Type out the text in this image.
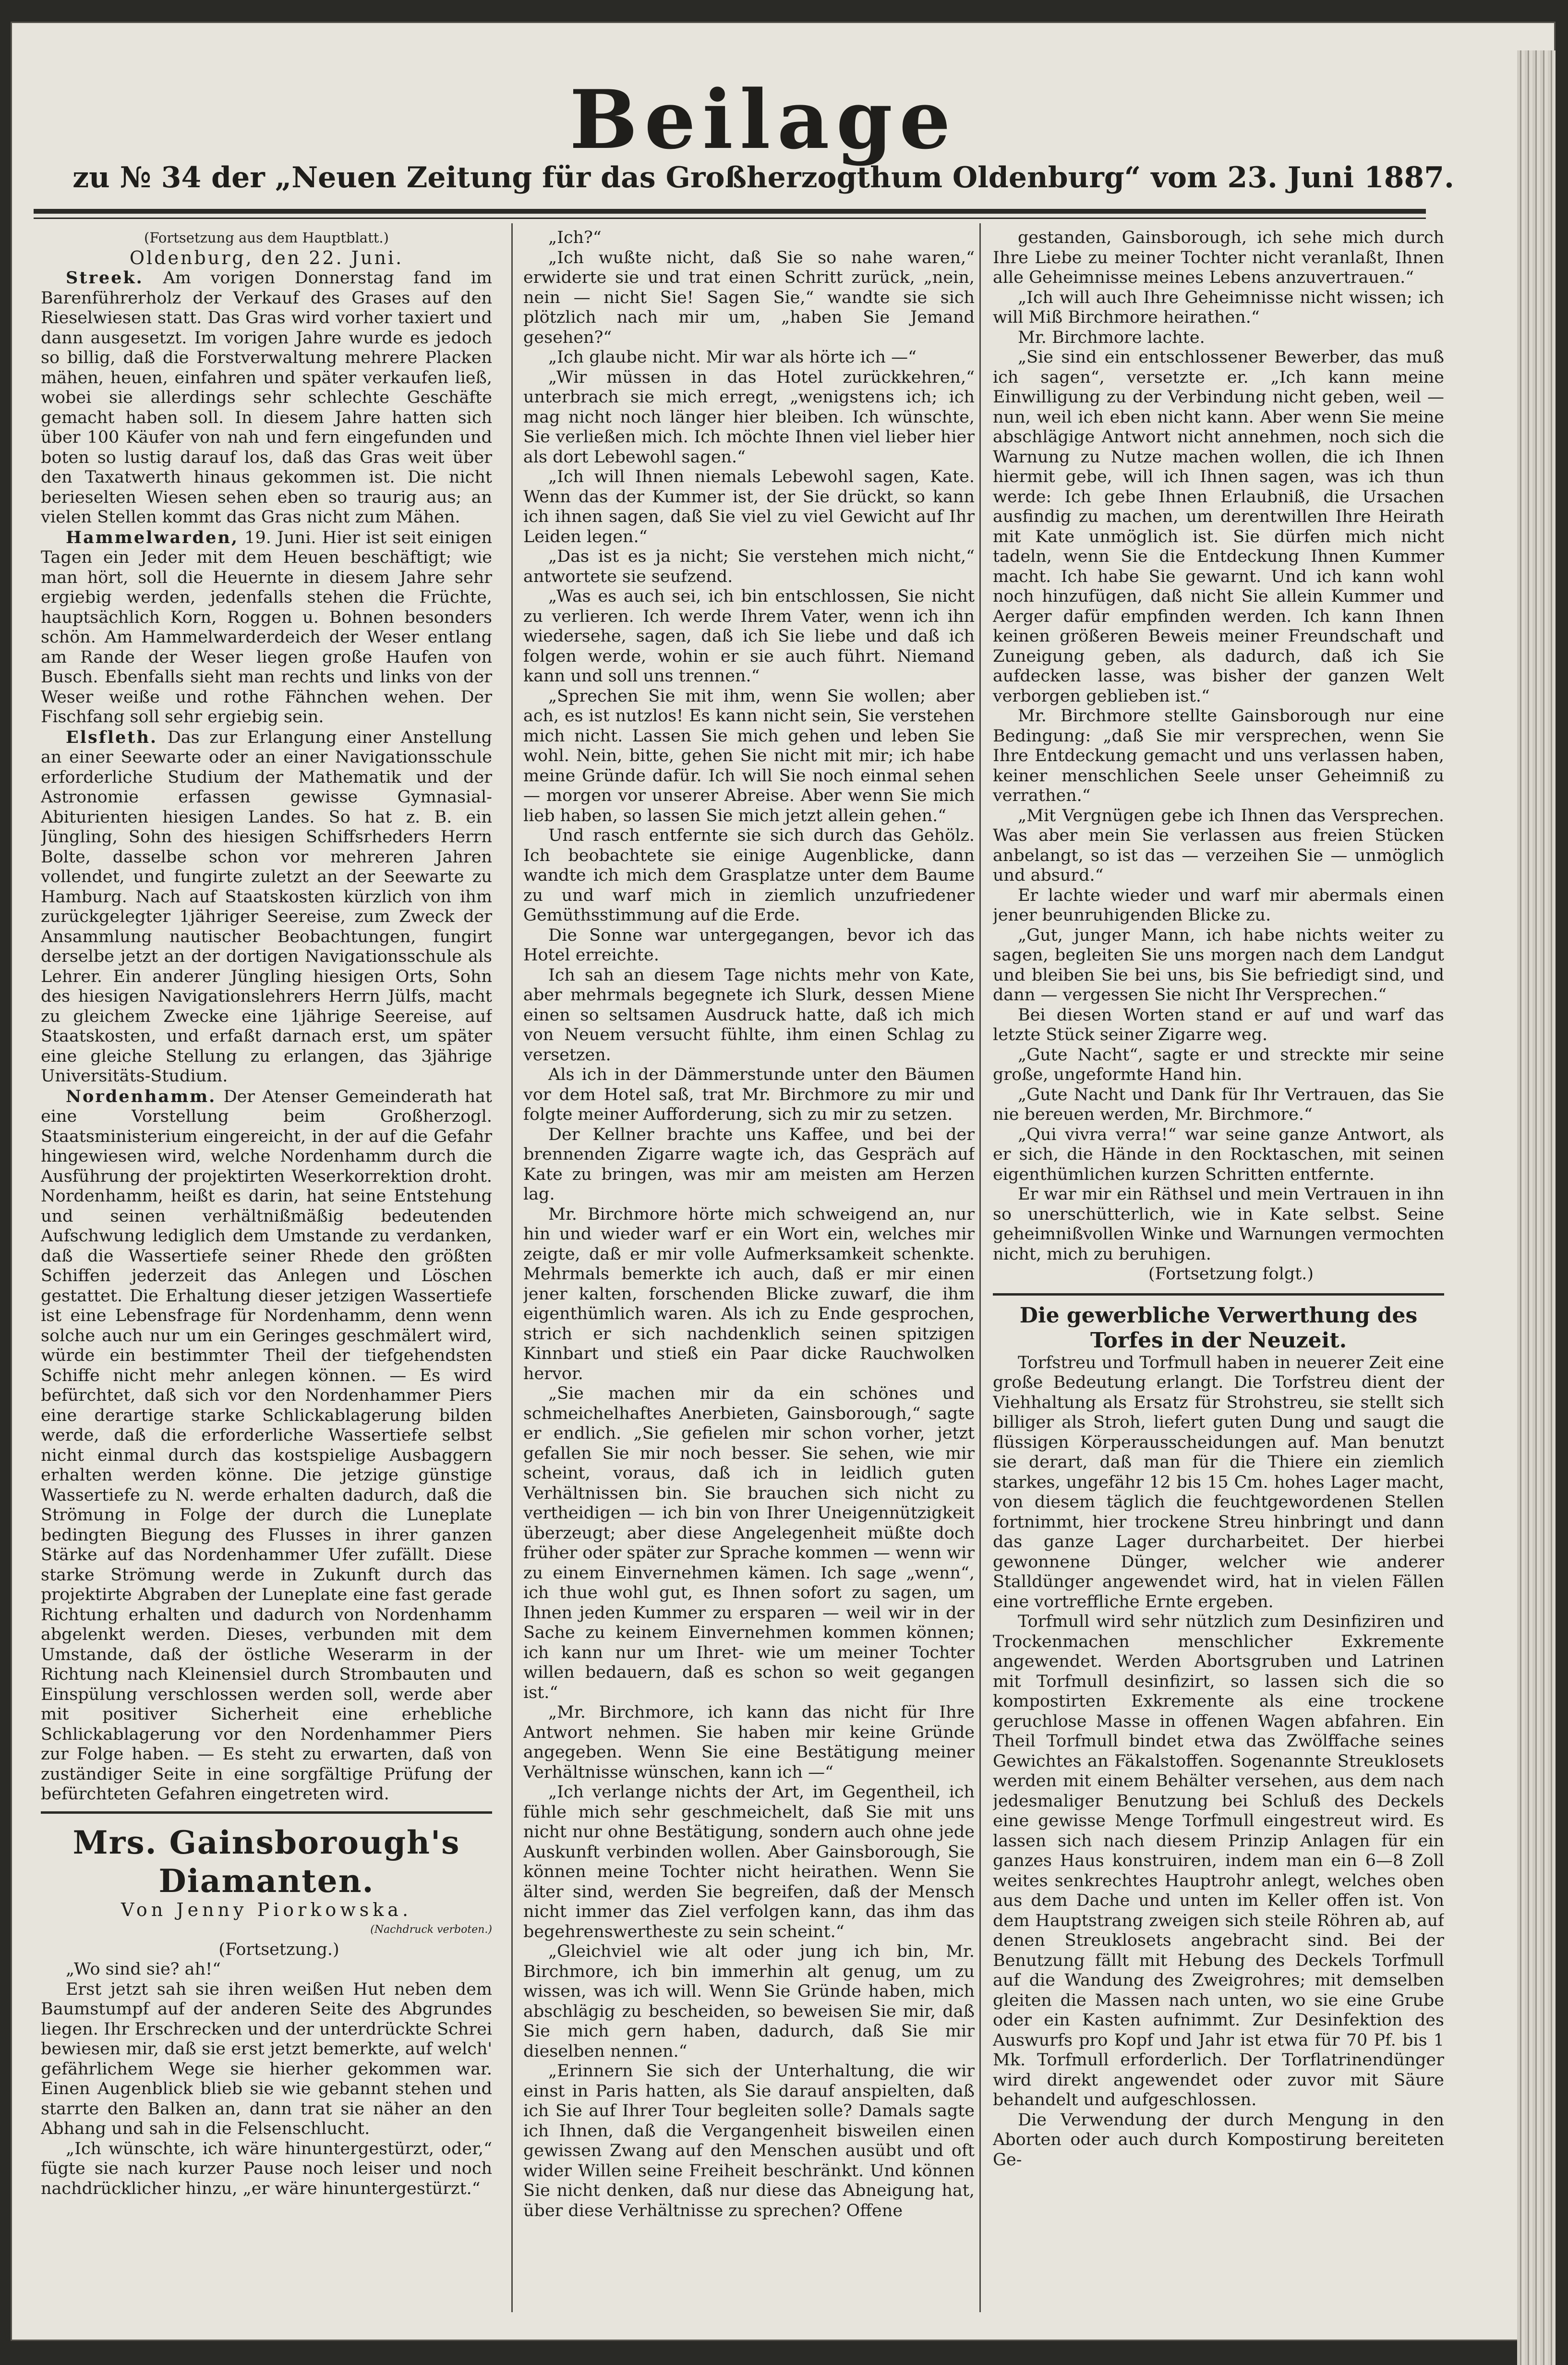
Beilage
zu № 34 der „Neuen Zeitung für das Großherzogthum Oldenburg“ vom 23. Juni 1887.

(Fortsetzung aus dem Hauptblatt.)

Oldenburg, den 22. Juni.

Streek. Am vorigen Donnerstag fand im Barenführerholz der Verkauf des Grases auf den Rieselwiesen statt. Das Gras wird vorher taxiert und dann ausgesetzt. Im vorigen Jahre wurde es jedoch so billig, daß die Forstverwaltung mehrere Placken mähen, heuen, einfahren und später verkaufen ließ, wobei sie allerdings sehr schlechte Geschäfte gemacht haben soll. In diesem Jahre hatten sich über 100 Käufer von nah und fern eingefunden und boten so lustig darauf los, daß das Gras weit über den Taxatwerth hinaus gekommen ist. Die nicht berieselten Wiesen sehen eben so traurig aus; an vielen Stellen kommt das Gras nicht zum Mähen.

Hammelwarden, 19. Juni. Hier ist seit einigen Tagen ein Jeder mit dem Heuen beschäftigt; wie man hört, soll die Heuernte in diesem Jahre sehr ergiebig werden, jedenfalls stehen die Früchte, hauptsächlich Korn, Roggen u. Bohnen besonders schön. Am Hammelwarderdeich der Weser entlang am Rande der Weser liegen große Haufen von Busch. Ebenfalls sieht man rechts und links von der Weser weiße und rothe Fähnchen wehen. Der Fischfang soll sehr ergiebig sein.

Elsfleth. Das zur Erlangung einer Anstellung an einer Seewarte oder an einer Navigationsschule erforderliche Studium der Mathematik und der Astronomie erfassen gewisse Gymnasial-Abiturienten hiesigen Landes. So hat z. B. ein Jüngling, Sohn des hiesigen Schiffsrheders Herrn Bolte, dasselbe schon vor mehreren Jahren vollendet, und fungirte zuletzt an der Seewarte zu Hamburg. Nach auf Staatskosten kürzlich von ihm zurückgelegter 1jähriger Seereise, zum Zweck der Ansammlung nautischer Beobachtungen, fungirt derselbe jetzt an der dortigen Navigationsschule als Lehrer. Ein anderer Jüngling hiesigen Orts, Sohn des hiesigen Navigationslehrers Herrn Jülfs, macht zu gleichem Zwecke eine 1jährige Seereise, auf Staatskosten, und erfaßt darnach erst, um später eine gleiche Stellung zu erlangen, das 3jährige Universitäts-Studium.

Nordenhamm. Der Atenser Gemeinderath hat eine Vorstellung beim Großherzogl. Staatsministerium eingereicht, in der auf die Gefahr hingewiesen wird, welche Nordenhamm durch die Ausführung der projektirten Weserkorrektion droht. Nordenhamm, heißt es darin, hat seine Entstehung und seinen verhältnißmäßig bedeutenden Aufschwung lediglich dem Umstande zu verdanken, daß die Wassertiefe seiner Rhede den größten Schiffen jederzeit das Anlegen und Löschen gestattet. Die Erhaltung dieser jetzigen Wassertiefe ist eine Lebensfrage für Nordenhamm, denn wenn solche auch nur um ein Geringes geschmälert wird, würde ein bestimmter Theil der tiefgehendsten Schiffe nicht mehr anlegen können. — Es wird befürchtet, daß sich vor den Nordenhammer Piers eine derartige starke Schlickablagerung bilden werde, daß die erforderliche Wassertiefe selbst nicht einmal durch das kostspielige Ausbaggern erhalten werden könne. Die jetzige günstige Wassertiefe zu N. werde erhalten dadurch, daß die Strömung in Folge der durch die Luneplate bedingten Biegung des Flusses in ihrer ganzen Stärke auf das Nordenhammer Ufer zufällt. Diese starke Strömung werde in Zukunft durch das projektirte Abgraben der Luneplate eine fast gerade Richtung erhalten und dadurch von Nordenhamm abgelenkt werden. Dieses, verbunden mit dem Umstande, daß der östliche Weserarm in der Richtung nach Kleinensiel durch Strombauten und Einspülung verschlossen werden soll, werde aber mit positiver Sicherheit eine erhebliche Schlickablagerung vor den Nordenhammer Piers zur Folge haben. — Es steht zu erwarten, daß von zuständiger Seite in eine sorgfältige Prüfung der befürchteten Gefahren eingetreten wird.

Mrs. Gainsborough's Diamanten.
Von Jenny Piorkowska.
(Nachdruck verboten.)

(Fortsetzung.)

„Wo sind sie? ah!“

Erst jetzt sah sie ihren weißen Hut neben dem Baumstumpf auf der anderen Seite des Abgrundes liegen. Ihr Erschrecken und der unterdrückte Schrei bewiesen mir, daß sie erst jetzt bemerkte, auf welch' gefährlichem Wege sie hierher gekommen war. Einen Augenblick blieb sie wie gebannt stehen und starrte den Balken an, dann trat sie näher an den Abhang und sah in die Felsenschlucht.

„Ich wünschte, ich wäre hinuntergestürzt, oder,“ fügte sie nach kurzer Pause noch leiser und noch nachdrücklicher hinzu, „er wäre hinuntergestürzt.“

„Ich?“

„Ich wußte nicht, daß Sie so nahe waren,“ erwiderte sie und trat einen Schritt zurück, „nein, nein — nicht Sie! Sagen Sie,“ wandte sie sich plötzlich nach mir um, „haben Sie Jemand gesehen?“

„Ich glaube nicht. Mir war als hörte ich —“

„Wir müssen in das Hotel zurückkehren,“ unterbrach sie mich erregt, „wenigstens ich; ich mag nicht noch länger hier bleiben. Ich wünschte, Sie verließen mich. Ich möchte Ihnen viel lieber hier als dort Lebewohl sagen.“

„Ich will Ihnen niemals Lebewohl sagen, Kate. Wenn das der Kummer ist, der Sie drückt, so kann ich ihnen sagen, daß Sie viel zu viel Gewicht auf Ihr Leiden legen.“

„Das ist es ja nicht; Sie verstehen mich nicht,“ antwortete sie seufzend.

„Was es auch sei, ich bin entschlossen, Sie nicht zu verlieren. Ich werde Ihrem Vater, wenn ich ihn wiedersehe, sagen, daß ich Sie liebe und daß ich folgen werde, wohin er sie auch führt. Niemand kann und soll uns trennen.“

„Sprechen Sie mit ihm, wenn Sie wollen; aber ach, es ist nutzlos! Es kann nicht sein, Sie verstehen mich nicht. Lassen Sie mich gehen und leben Sie wohl. Nein, bitte, gehen Sie nicht mit mir; ich habe meine Gründe dafür. Ich will Sie noch einmal sehen — morgen vor unserer Abreise. Aber wenn Sie mich lieb haben, so lassen Sie mich jetzt allein gehen.“

Und rasch entfernte sie sich durch das Gehölz. Ich beobachtete sie einige Augenblicke, dann wandte ich mich dem Grasplatze unter dem Baume zu und warf mich in ziemlich unzufriedener Gemüthsstimmung auf die Erde.

Die Sonne war untergegangen, bevor ich das Hotel erreichte.

Ich sah an diesem Tage nichts mehr von Kate, aber mehrmals begegnete ich Slurk, dessen Miene einen so seltsamen Ausdruck hatte, daß ich mich von Neuem versucht fühlte, ihm einen Schlag zu versetzen.

Als ich in der Dämmerstunde unter den Bäumen vor dem Hotel saß, trat Mr. Birchmore zu mir und folgte meiner Aufforderung, sich zu mir zu setzen.

Der Kellner brachte uns Kaffee, und bei der brennenden Zigarre wagte ich, das Gespräch auf Kate zu bringen, was mir am meisten am Herzen lag.

Mr. Birchmore hörte mich schweigend an, nur hin und wieder warf er ein Wort ein, welches mir zeigte, daß er mir volle Aufmerksamkeit schenkte. Mehrmals bemerkte ich auch, daß er mir einen jener kalten, forschenden Blicke zuwarf, die ihm eigenthümlich waren. Als ich zu Ende gesprochen, strich er sich nachdenklich seinen spitzigen Kinnbart und stieß ein Paar dicke Rauchwolken hervor.

„Sie machen mir da ein schönes und schmeichelhaftes Anerbieten, Gainsborough,“ sagte er endlich. „Sie gefielen mir schon vorher, jetzt gefallen Sie mir noch besser. Sie sehen, wie mir scheint, voraus, daß ich in leidlich guten Verhältnissen bin. Sie brauchen sich nicht zu vertheidigen — ich bin von Ihrer Uneigennützigkeit überzeugt; aber diese Angelegenheit müßte doch früher oder später zur Sprache kommen — wenn wir zu einem Einvernehmen kämen. Ich sage „wenn“, ich thue wohl gut, es Ihnen sofort zu sagen, um Ihnen jeden Kummer zu ersparen — weil wir in der Sache zu keinem Einvernehmen kommen können; ich kann nur um Ihret- wie um meiner Tochter willen bedauern, daß es schon so weit gegangen ist.“

„Mr. Birchmore, ich kann das nicht für Ihre Antwort nehmen. Sie haben mir keine Gründe angegeben. Wenn Sie eine Bestätigung meiner Verhältnisse wünschen, kann ich —“

„Ich verlange nichts der Art, im Gegentheil, ich fühle mich sehr geschmeichelt, daß Sie mit uns nicht nur ohne Bestätigung, sondern auch ohne jede Auskunft verbinden wollen. Aber Gainsborough, Sie können meine Tochter nicht heirathen. Wenn Sie älter sind, werden Sie begreifen, daß der Mensch nicht immer das Ziel verfolgen kann, das ihm das begehrenswertheste zu sein scheint.“

„Gleichviel wie alt oder jung ich bin, Mr. Birchmore, ich bin immerhin alt genug, um zu wissen, was ich will. Wenn Sie Gründe haben, mich abschlägig zu bescheiden, so beweisen Sie mir, daß Sie mich gern haben, dadurch, daß Sie mir dieselben nennen.“

„Erinnern Sie sich der Unterhaltung, die wir einst in Paris hatten, als Sie darauf anspielten, daß ich Sie auf Ihrer Tour begleiten solle? Damals sagte ich Ihnen, daß die Vergangenheit bisweilen einen gewissen Zwang auf den Menschen ausübt und oft wider Willen seine Freiheit beschränkt. Und können Sie nicht denken, daß nur diese das Abneigung hat, über diese Verhältnisse zu sprechen? Offene

gestanden, Gainsborough, ich sehe mich durch Ihre Liebe zu meiner Tochter nicht veranlaßt, Ihnen alle Geheimnisse meines Lebens anzuvertrauen.“

„Ich will auch Ihre Geheimnisse nicht wissen; ich will Miß Birchmore heirathen.“

Mr. Birchmore lachte.

„Sie sind ein entschlossener Bewerber, das muß ich sagen“, versetzte er. „Ich kann meine Einwilligung zu der Verbindung nicht geben, weil — nun, weil ich eben nicht kann. Aber wenn Sie meine abschlägige Antwort nicht annehmen, noch sich die Warnung zu Nutze machen wollen, die ich Ihnen hiermit gebe, will ich Ihnen sagen, was ich thun werde: Ich gebe Ihnen Erlaubniß, die Ursachen ausfindig zu machen, um derentwillen Ihre Heirath mit Kate unmöglich ist. Sie dürfen mich nicht tadeln, wenn Sie die Entdeckung Ihnen Kummer macht. Ich habe Sie gewarnt. Und ich kann wohl noch hinzufügen, daß nicht Sie allein Kummer und Aerger dafür empfinden werden. Ich kann Ihnen keinen größeren Beweis meiner Freundschaft und Zuneigung geben, als dadurch, daß ich Sie aufdecken lasse, was bisher der ganzen Welt verborgen geblieben ist.“

Mr. Birchmore stellte Gainsborough nur eine Bedingung: „daß Sie mir versprechen, wenn Sie Ihre Entdeckung gemacht und uns verlassen haben, keiner menschlichen Seele unser Geheimniß zu verrathen.“

„Mit Vergnügen gebe ich Ihnen das Versprechen. Was aber mein Sie verlassen aus freien Stücken anbelangt, so ist das — verzeihen Sie — unmöglich und absurd.“

Er lachte wieder und warf mir abermals einen jener beunruhigenden Blicke zu.

„Gut, junger Mann, ich habe nichts weiter zu sagen, begleiten Sie uns morgen nach dem Landgut und bleiben Sie bei uns, bis Sie befriedigt sind, und dann — vergessen Sie nicht Ihr Versprechen.“

Bei diesen Worten stand er auf und warf das letzte Stück seiner Zigarre weg.

„Gute Nacht“, sagte er und streckte mir seine große, ungeformte Hand hin.

„Gute Nacht und Dank für Ihr Vertrauen, das Sie nie bereuen werden, Mr. Birchmore.“

„Qui vivra verra!“ war seine ganze Antwort, als er sich, die Hände in den Rocktaschen, mit seinen eigenthümlichen kurzen Schritten entfernte.

Er war mir ein Räthsel und mein Vertrauen in ihn so unerschütterlich, wie in Kate selbst. Seine geheimnißvollen Winke und Warnungen vermochten nicht, mich zu beruhigen.

(Fortsetzung folgt.)

Die gewerbliche Verwerthung des Torfes in der Neuzeit.

Torfstreu und Torfmull haben in neuerer Zeit eine große Bedeutung erlangt. Die Torfstreu dient der Viehhaltung als Ersatz für Strohstreu, sie stellt sich billiger als Stroh, liefert guten Dung und saugt die flüssigen Körperausscheidungen auf. Man benutzt sie derart, daß man für die Thiere ein ziemlich starkes, ungefähr 12 bis 15 Cm. hohes Lager macht, von diesem täglich die feuchtgewordenen Stellen fortnimmt, hier trockene Streu hinbringt und dann das ganze Lager durcharbeitet. Der hierbei gewonnene Dünger, welcher wie anderer Stalldünger angewendet wird, hat in vielen Fällen eine vortreffliche Ernte ergeben.

Torfmull wird sehr nützlich zum Desinfiziren und Trockenmachen menschlicher Exkremente angewendet. Werden Abortsgruben und Latrinen mit Torfmull desinfizirt, so lassen sich die so kompostirten Exkremente als eine trockene geruchlose Masse in offenen Wagen abfahren. Ein Theil Torfmull bindet etwa das Zwölffache seines Gewichtes an Fäkalstoffen. Sogenannte Streuklosets werden mit einem Behälter versehen, aus dem nach jedesmaliger Benutzung bei Schluß des Deckels eine gewisse Menge Torfmull eingestreut wird. Es lassen sich nach diesem Prinzip Anlagen für ein ganzes Haus konstruiren, indem man ein 6—8 Zoll weites senkrechtes Hauptrohr anlegt, welches oben aus dem Dache und unten im Keller offen ist. Von dem Hauptstrang zweigen sich steile Röhren ab, auf denen Streuklosets angebracht sind. Bei der Benutzung fällt mit Hebung des Deckels Torfmull auf die Wandung des Zweigrohres; mit demselben gleiten die Massen nach unten, wo sie eine Grube oder ein Kasten aufnimmt. Zur Desinfektion des Auswurfs pro Kopf und Jahr ist etwa für 70 Pf. bis 1 Mk. Torfmull erforderlich. Der Torflatrinendünger wird direkt angewendet oder zuvor mit Säure behandelt und aufgeschlossen.

Die Verwendung der durch Mengung in den Aborten oder auch durch Kompostirung bereiteten Ge-
